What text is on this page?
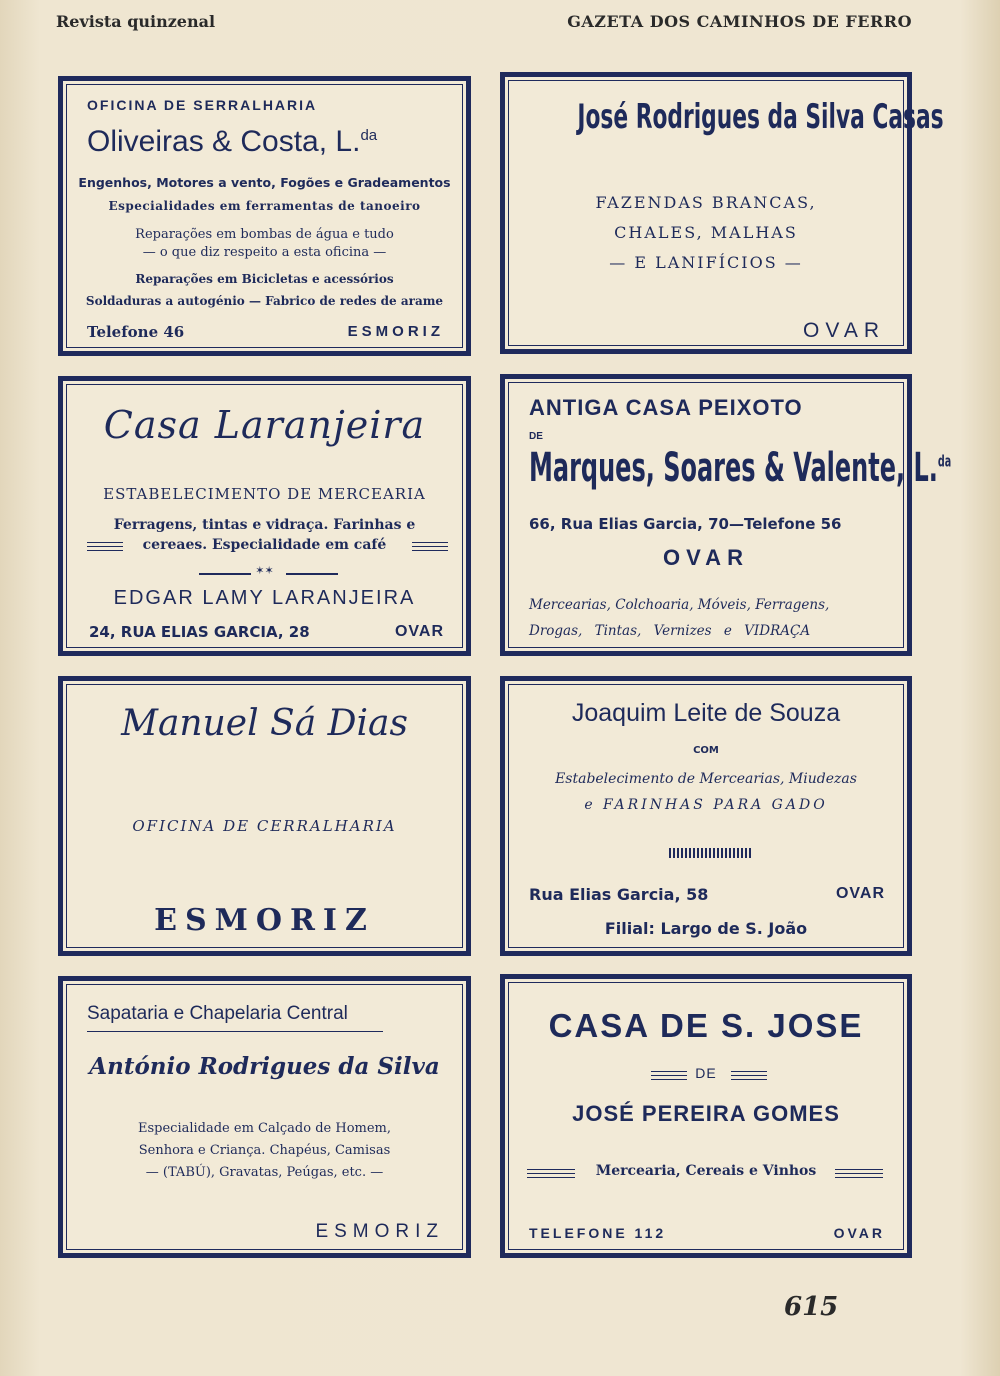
Revista quinzenal	GAZETA DOS CAMINHOS DE FERRO
OFICINA DE SERRALHARIA
Oliveiras & Costa, L.$^{da}$
Engenhos, Motores a vento, Fogões e Gradeamentos
Especialidades em ferramentas de tanoeiro
Reparações em bombas de água e tudo
— o que diz respeito a esta oficina —
Reparações em Bicicletas e acessórios
Soldaduras a autogénio — Fabrico de redes de arame
Telefone 46	ESMORIZ
José Rodrigues da Silva Casas
FAZENDAS BRANCAS,
CHALES, MALHAS
— E LANIFÍCIOS —
OVAR
Casa Laranjeira
ESTABELECIMENTO DE MERCEARIA
Ferragens, tintas e vidraça. Farinhas e
cereaes. Especialidade em café
✶✶
EDGAR LAMY LARANJEIRA
24, RUA ELIAS GARCIA, 28	OVAR
ANTIGA CASA PEIXOTO
DE
Marques, Soares & Valente, L.$^{da}$
66, Rua Elias Garcia, 70—Telefone 56
OVAR
Mercearias, Colchoaria, Móveis, Ferragens,
Drogas, Tintas, Vernizes e VIDRAÇA
Manuel Sá Dias
OFICINA DE CERRALHARIA
ESMORIZ
Joaquim Leite de Souza
COM
Estabelecimento de Mercearias, Miudezas
e FARINHAS PARA GADO
Rua Elias Garcia, 58	OVAR
Filial: Largo de S. João
Sapataria e Chapelaria Central
António Rodrigues da Silva
Especialidade em Calçado de Homem,
Senhora e Criança. Chapéus, Camisas
— (TABÚ), Gravatas, Peúgas, etc. —
ESMORIZ
CASA DE S. JOSE
DE
JOSÉ PEREIRA GOMES
Mercearia, Cereais e Vinhos
TELEFONE 112	OVAR
615
